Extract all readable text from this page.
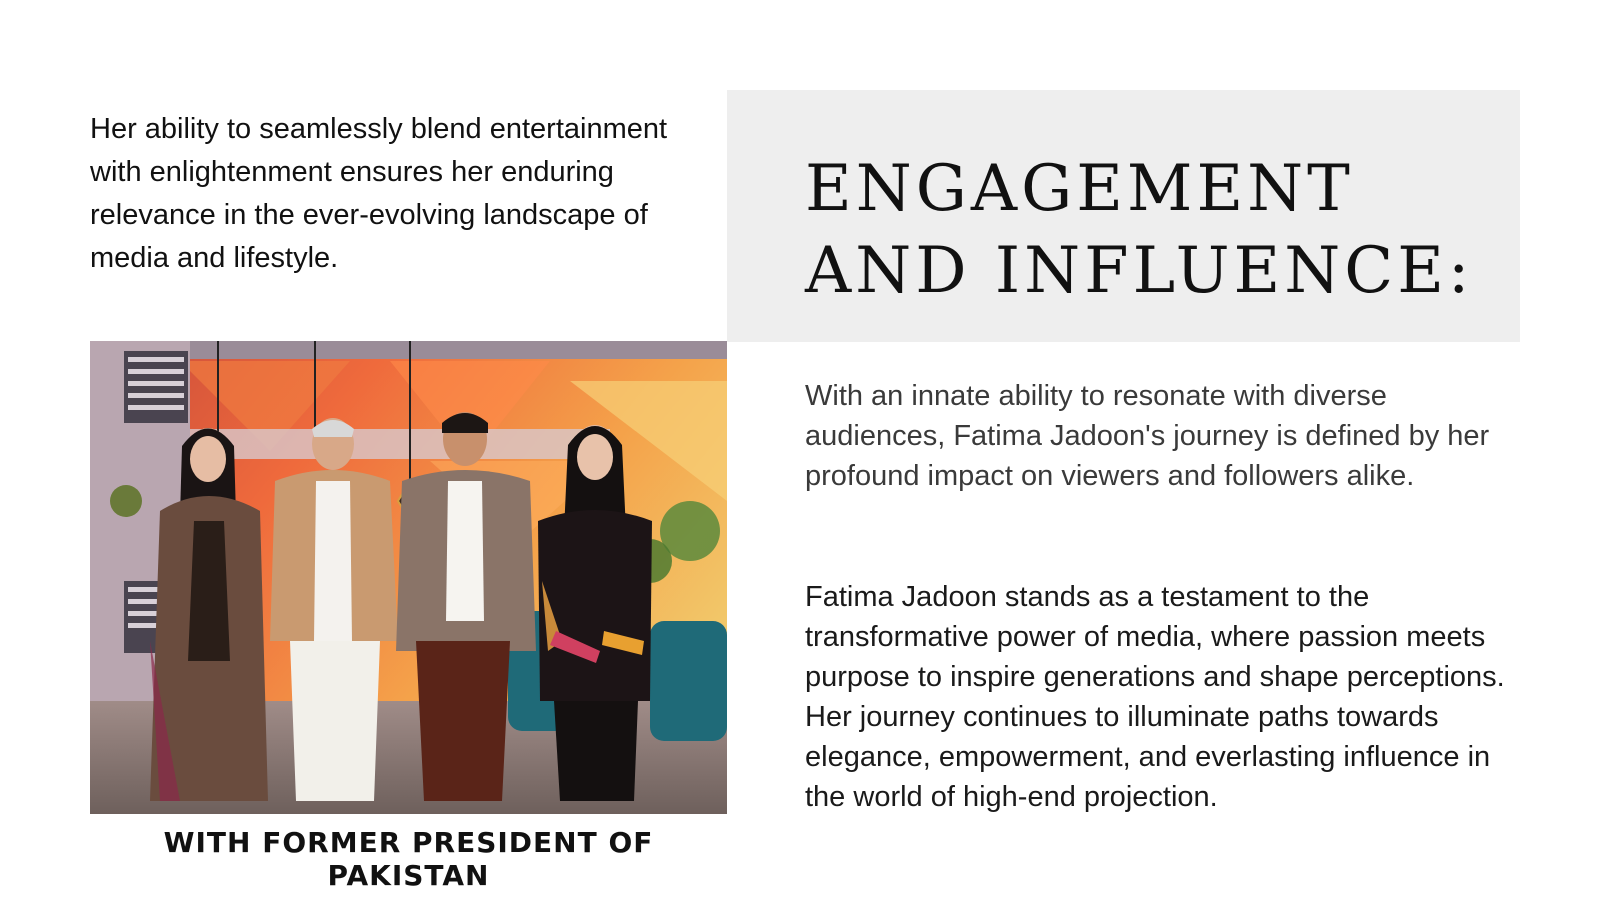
Her ability to seamlessly blend entertainment with enlightenment ensures her enduring relevance in the ever-evolving landscape of media and lifestyle.

ENGAGEMENT
AND INFLUENCE:

WITH FORMER PRESIDENT OF PAKISTAN

With an innate ability to resonate with diverse audiences, Fatima Jadoon's journey is defined by her profound impact on viewers and followers alike.

Fatima Jadoon stands as a testament to the transformative power of media, where passion meets purpose to inspire generations and shape perceptions. Her journey continues to illuminate paths towards elegance, empowerment, and everlasting influence in the world of high-end projection.
